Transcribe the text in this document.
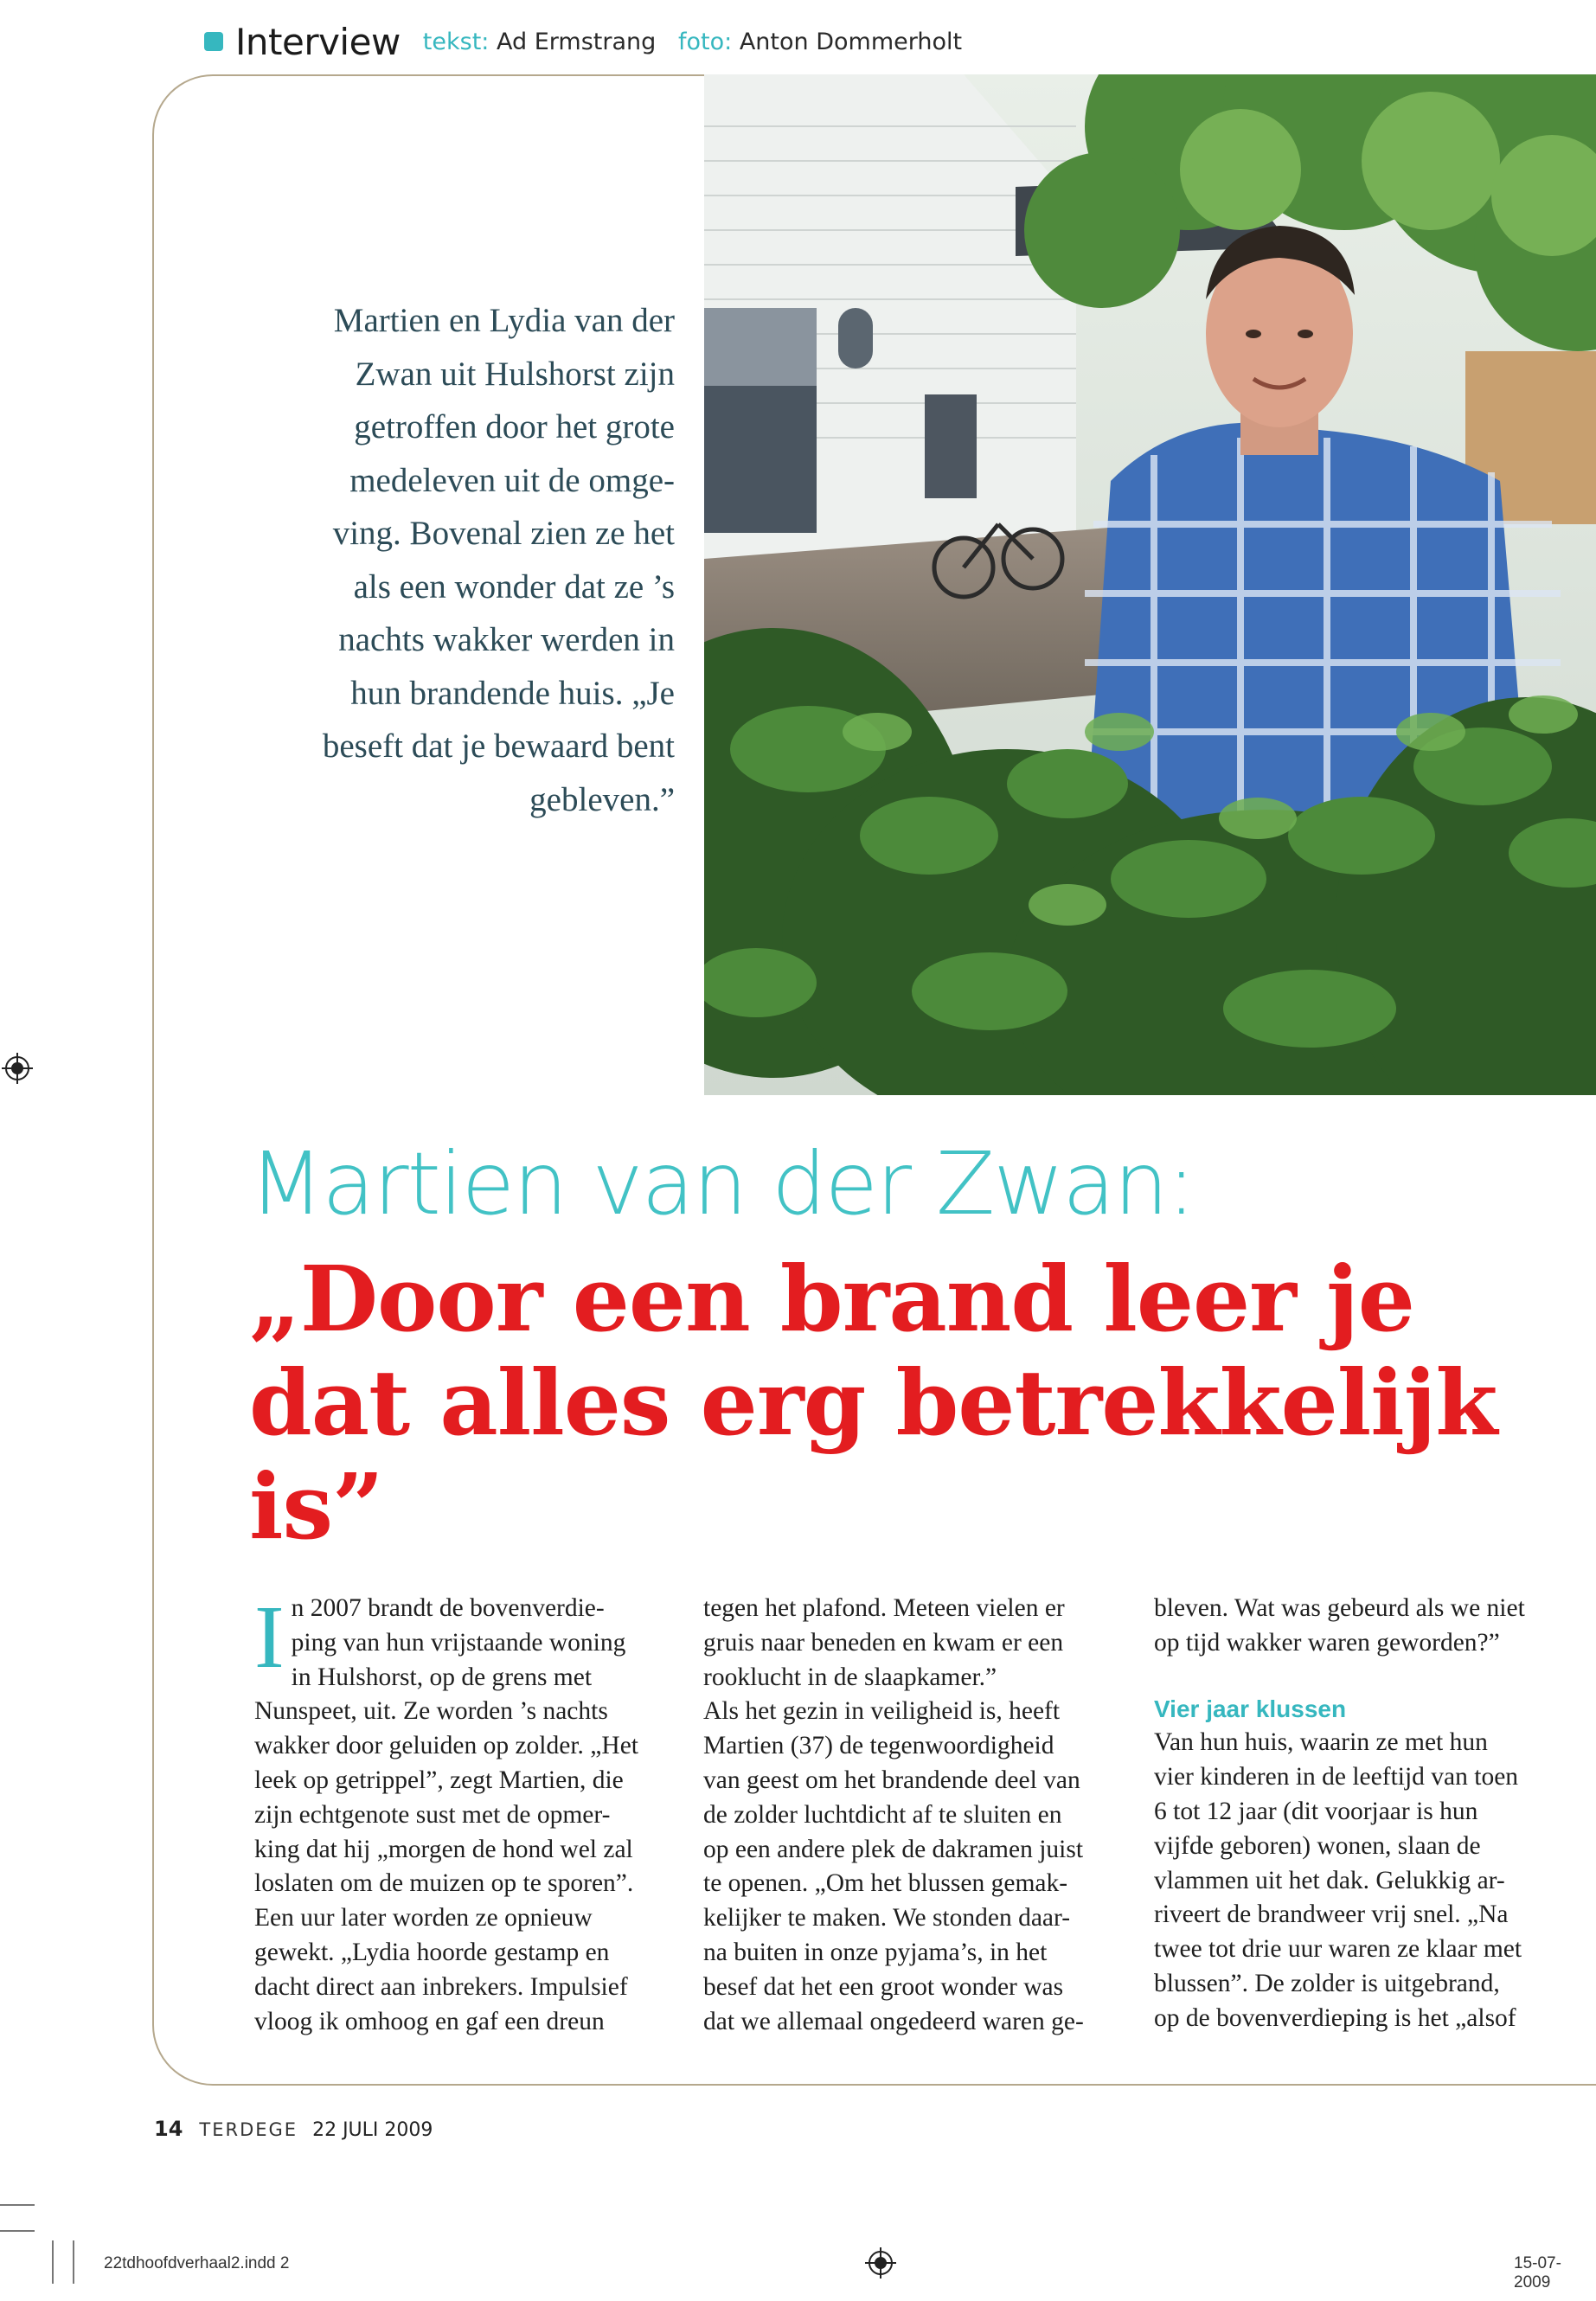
Interview tekst: Ad Ermstrang foto: Anton Dommerholt
Martien en Lydia van der
Zwan uit Hulshorst zijn
getroffen door het grote
medeleven uit de omge-
ving. Bovenal zien ze het
als een wonder dat ze ’s
nachts wakker werden in
hun brandende huis. „Je
beseft dat je bewaard bent
gebleven.”
Martien van der Zwan:
„Door een brand leer je dat alles erg betrekkelijk is”
I n 2007 brandt de bovenverdie-
ping van hun vrijstaande woning
in Hulshorst, op de grens met
Nunspeet, uit. Ze worden ’s nachts
wakker door geluiden op zolder. „Het
leek op getrippel”, zegt Martien, die
zijn echtgenote sust met de opmer-
king dat hij „morgen de hond wel zal
loslaten om de muizen op te sporen”.
Een uur later worden ze opnieuw
gewekt. „Lydia hoorde gestamp en
dacht direct aan inbrekers. Impulsief
vloog ik omhoog en gaf een dreun
tegen het plafond. Meteen vielen er
gruis naar beneden en kwam er een
rooklucht in de slaapkamer.”
Als het gezin in veiligheid is, heeft
Martien (37) de tegenwoordigheid
van geest om het brandende deel van
de zolder luchtdicht af te sluiten en
op een andere plek de dakramen juist
te openen. „Om het blussen gemak-
kelijker te maken. We stonden daar-
na buiten in onze pyjama’s, in het
besef dat het een groot wonder was
dat we allemaal ongedeerd waren ge-
bleven. Wat was gebeurd als we niet
op tijd wakker waren geworden?”
Vier jaar klussen
Van hun huis, waarin ze met hun
vier kinderen in de leeftijd van toen
6 tot 12 jaar (dit voorjaar is hun
vijfde geboren) wonen, slaan de
vlammen uit het dak. Gelukkig ar-
riveert de brandweer vrij snel. „Na
twee tot drie uur waren ze klaar met
blussen”. De zolder is uitgebrand,
op de bovenverdieping is het „alsof
14 TERDEGE 22 JULI 2009
22tdhoofdverhaal2.indd 2	15-07-2009
